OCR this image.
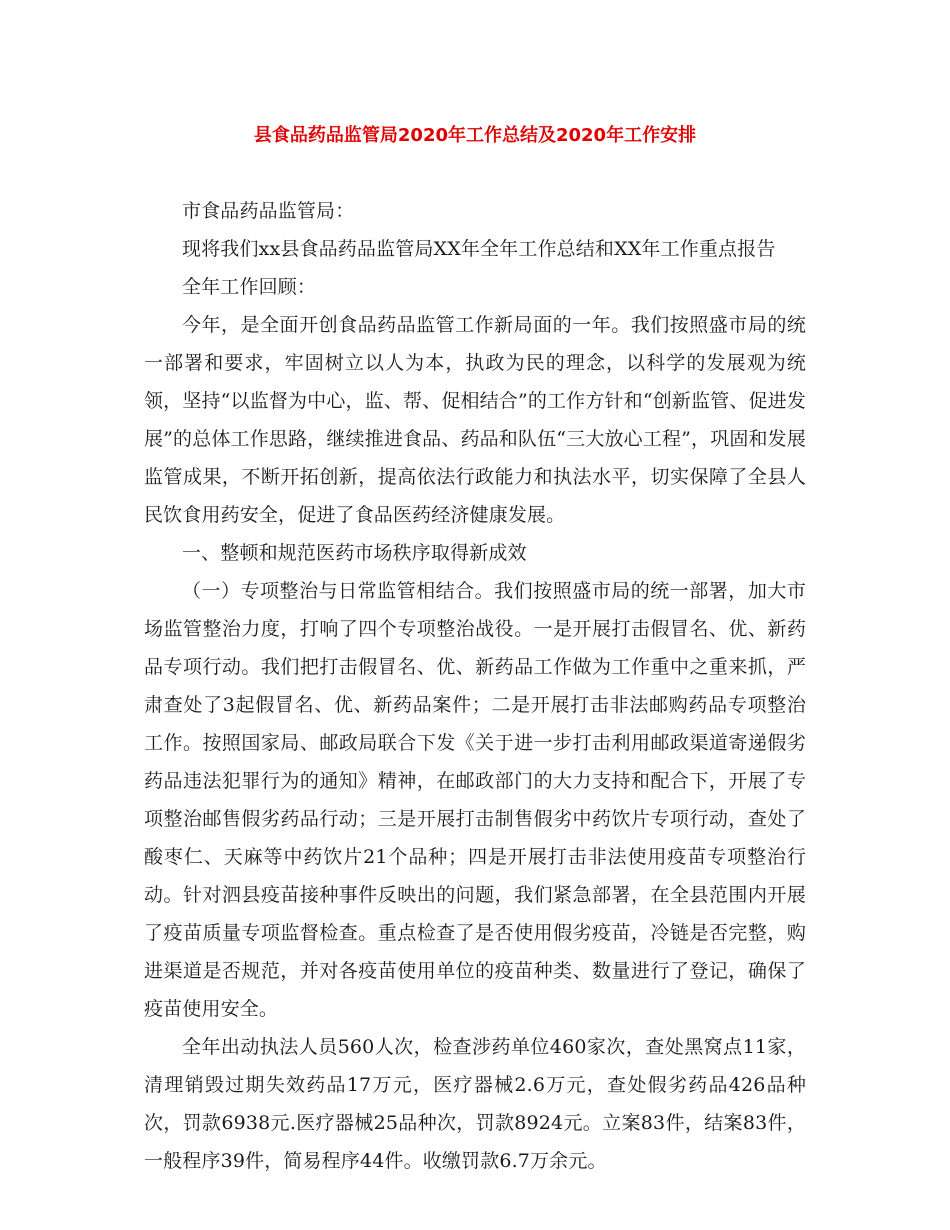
县食品药品监管局2020年工作总结及2020年工作安排

市食品药品监管局：

现将我们xx县食品药品监管局XX年全年工作总结和XX年工作重点报告

全年工作回顾：

今年，是全面开创食品药品监管工作新局面的一年。我们按照盛市局的统一部署和要求，牢固树立以人为本，执政为民的理念，以科学的发展观为统领，坚持“以监督为中心，监、帮、促相结合”的工作方针和“创新监管、促进发展”的总体工作思路，继续推进食品、药品和队伍“三大放心工程”，巩固和发展监管成果，不断开拓创新，提高依法行政能力和执法水平，切实保障了全县人民饮食用药安全，促进了食品医药经济健康发展。

一、整顿和规范医药市场秩序取得新成效

（一）专项整治与日常监管相结合。我们按照盛市局的统一部署，加大市场监管整治力度，打响了四个专项整治战役。一是开展打击假冒名、优、新药品专项行动。我们把打击假冒名、优、新药品工作做为工作重中之重来抓，严肃查处了3起假冒名、优、新药品案件；二是开展打击非法邮购药品专项整治工作。按照国家局、邮政局联合下发《关于进一步打击利用邮政渠道寄递假劣药品违法犯罪行为的通知》精神，在邮政部门的大力支持和配合下，开展了专项整治邮售假劣药品行动；三是开展打击制售假劣中药饮片专项行动，查处了酸枣仁、天麻等中药饮片21个品种；四是开展打击非法使用疫苗专项整治行动。针对泗县疫苗接种事件反映出的问题，我们紧急部署，在全县范围内开展了疫苗质量专项监督检查。重点检查了是否使用假劣疫苗，冷链是否完整，购进渠道是否规范，并对各疫苗使用单位的疫苗种类、数量进行了登记，确保了疫苗使用安全。

全年出动执法人员560人次，检查涉药单位460家次，查处黑窝点11家，清理销毁过期失效药品17万元，医疗器械2.6万元，查处假劣药品426品种次，罚款6938元.医疗器械25品种次，罚款8924元。立案83件，结案83件，一般程序39件，简易程序44件。收缴罚款6.7万余元。
